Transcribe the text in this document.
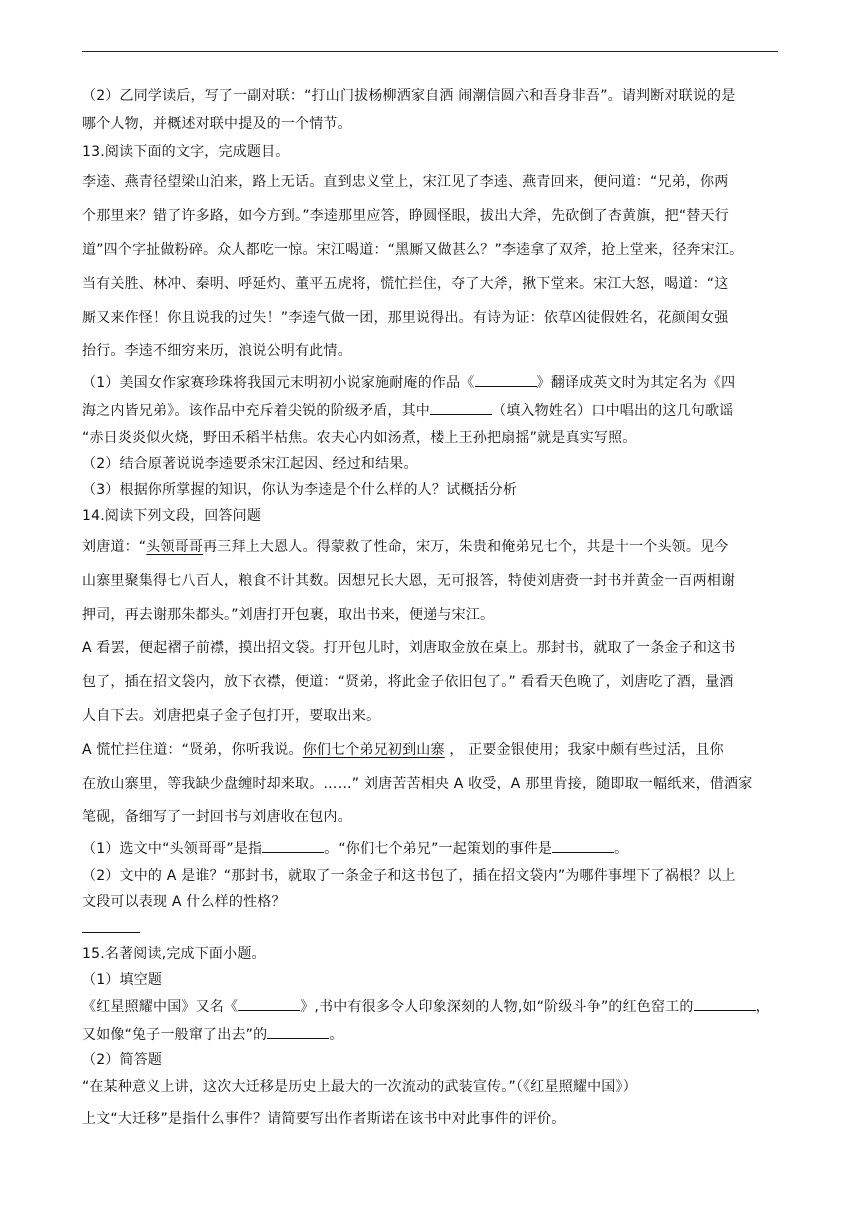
（2）乙同学读后，写了一副对联：“打山门拔杨柳洒家自洒 闹潮信圆六和吾身非吾”。请判断对联说的是
哪个人物，并概述对联中提及的一个情节。
13.阅读下面的文字，完成题目。
李逵、燕青径望梁山泊来，路上无话。直到忠义堂上，宋江见了李逵、燕青回来，便问道：“兄弟，你两
个那里来？错了许多路，如今方到。”李逵那里应答，睁圆怪眼，拔出大斧，先砍倒了杏黄旗，把“替天行
道”四个字扯做粉碎。众人都吃一惊。宋江喝道：“黑厮又做甚么？”李逵拿了双斧，抢上堂来，径奔宋江。
当有关胜、林冲、秦明、呼延灼、董平五虎将，慌忙拦住，夺了大斧，揪下堂来。宋江大怒，喝道：“这
厮又来作怪！你且说我的过失！”李逵气做一团，那里说得出。有诗为证：依草凶徒假姓名，花颜闺女强
抬行。李逵不细穷来历，浪说公明有此情。
（1）美国女作家赛珍珠将我国元末明初小说家施耐庵的作品《	》翻译成英文时为其定名为《四
海之内皆兄弟》。该作品中充斥着尖锐的阶级矛盾，其中	（填入物姓名）口中唱出的这几句歌谣
“赤日炎炎似火烧，野田禾稻半枯焦。农夫心内如汤煮，楼上王孙把扇摇”就是真实写照。
（2）结合原著说说李逵要杀宋江起因、经过和结果。
（3）根据你所掌握的知识，你认为李逵是个什么样的人？试概括分析
14.阅读下列文段，回答问题
刘唐道：“头领哥哥再三拜上大恩人。得蒙救了性命，宋万，朱贵和俺弟兄七个，共是十一个头领。见今
山寨里聚集得七八百人，粮食不计其数。因想兄长大恩，无可报答，特使刘唐赍一封书并黄金一百两相谢
押司，再去谢那朱都头。”刘唐打开包裹，取出书来，便递与宋江。
A 看罢，便起褶子前襟，摸出招文袋。打开包儿时，刘唐取金放在桌上。那封书，就取了一条金子和这书
包了，插在招文袋内，放下衣襟，便道：“贤弟，将此金子依旧包了。” 看看天色晚了，刘唐吃了酒，量酒
人自下去。刘唐把桌子金子包打开，要取出来。
A 慌忙拦住道：“贤弟，你听我说。你们七个弟兄初到山寨 ， 正要金银使用；我家中颇有些过活，且你
在放山寨里，等我缺少盘缠时却来取。……” 刘唐苦苦相央 A 收受，A 那里肯接，随即取一幅纸来，借酒家
笔砚，备细写了一封回书与刘唐收在包内。
（1）选文中“头领哥哥”是指	。“你们七个弟兄”一起策划的事件是	。
（2）文中的 A 是谁？“那封书，就取了一条金子和这书包了，插在招文袋内”为哪件事埋下了祸根？以上
文段可以表现 A 什么样的性格？
15.名著阅读,完成下面小题。
（1）填空题
《红星照耀中国》又名《	》,书中有很多令人印象深刻的人物,如“阶级斗争”的红色窑工的	，
又如像“兔子一般窜了出去”的	。
（2）简答题
“在某种意义上讲，这次大迁移是历史上最大的一次流动的武装宣传。”（《红星照耀中国》）
上文“大迁移”是指什么事件？请简要写出作者斯诺在该书中对此事件的评价。
